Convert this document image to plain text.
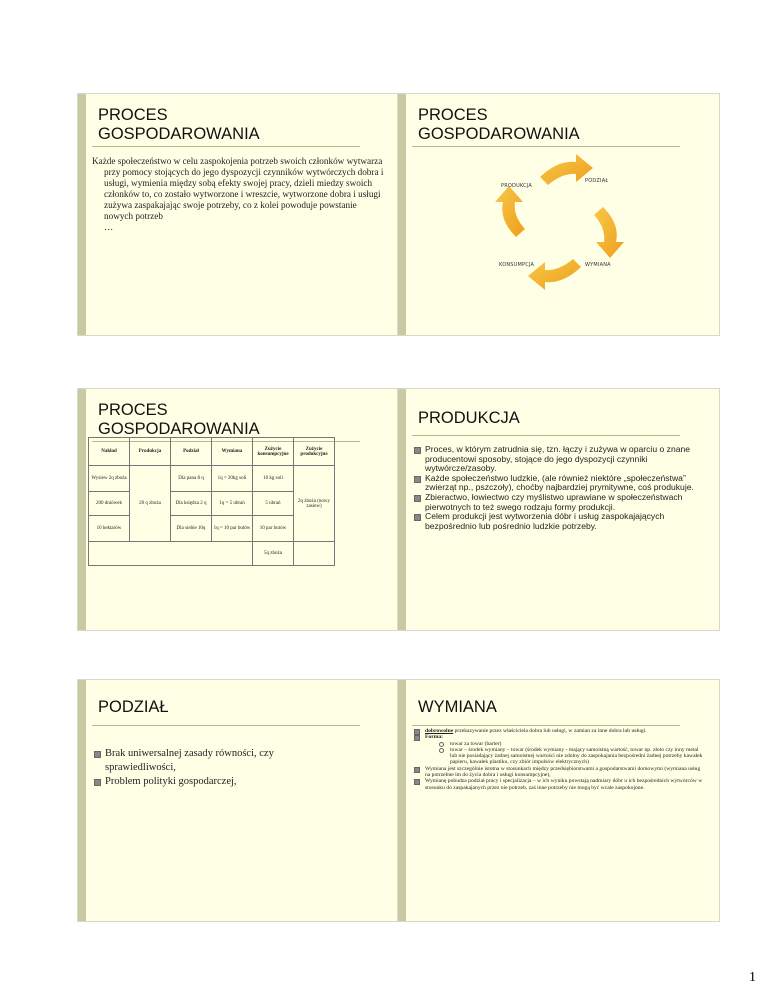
PROCES
GOSPODAROWANIA
Każde społeczeństwo w celu zaspokojenia potrzeb swoich członków wytwarza przy pomocy stojących do jego dyspozycji czynników wytwórczych dobra i usługi, wymienia między sobą efekty swojej pracy, dzieli miedzy swoich członków to, co zostało wytworzone i wreszcie, wytworzone dobra i usługi zużywa zaspakajając swoje potrzeby, co z kolei powoduje powstanie nowych potrzeb
…
PROCES
GOSPODAROWANIA
PRODUKCJA
PODZIAŁ
WYMIANA
KONSUMPCJA
PROCES
GOSPODAROWANIA
Nakład	Produkcja	Podział	Wymiana	Zużycie konsumpcyjne	Zużycie produkcyjne
Wysiew 2q zboża	20 q zboża	Dla pana 8 q	1q = 20kg soli	10 kg soli	2q zboża (nowy zasiew)
200 dniówek		Dla księdza 2 q	1q = 5 ubrań	5 ubrań	
10 hektarów		Dla siebie 10q	1q = 10 par butów	10 par butów	
				5q zboża	
PRODUKCJA
Proces, w którym zatrudnia się, tzn. łączy i zużywa w oparciu o znane producentowi sposoby, stojące do jego dyspozycji czynniki wytwórcze/zasoby.
Każde społeczeństwo ludzkie, (ale również niektóre „społeczeństwa” zwierząt np., pszczoły), choćby najbardziej prymitywne, coś produkuje.
Zbieractwo, łowiectwo czy myślistwo uprawiane w społeczeństwach pierwotnych to też swego rodzaju formy produkcji.
Celem produkcji jest wytworzenia dóbr i usług zaspokajających bezpośrednio lub pośrednio ludzkie potrzeby.
PODZIAŁ
Brak uniwersalnej zasady równości, czy sprawiedliwości,
Problem polityki gospodarczej,
WYMIANA
dobrowolne przekazywanie przez właściciela dobra lub usługi, w zamian za inne dobra lub usługi.
Forma:
towar za towar (barter)
towar – środek wymiany – towar (środek wymiany - mający samoistną wartość, towar np. złoto czy inny metal lub nie posiadający żadnej samoistnej wartości nie zdolny do zaspokajania bezpośredni żadnej potrzeby kawałek papieru, kawałek plastiku, czy zbiór impulsów elektrycznych)
Wymiana jest szczególnie istotna w stosunkach między przedsiębiorstwami a gospodarstwami domowymi (wymiana usług na potrzebne im do życia dobra i usługi konsumpcyjne),
Wymianę pobudza podział pracy i specjalizacja – w ich wyniku powstają nadmiary dóbr u ich bezpośrednich wytwórców w stosunku do zaspakajanych przez nie potrzeb, zaś inne potrzeby nie mogą być wcale zaspokojone.
1
